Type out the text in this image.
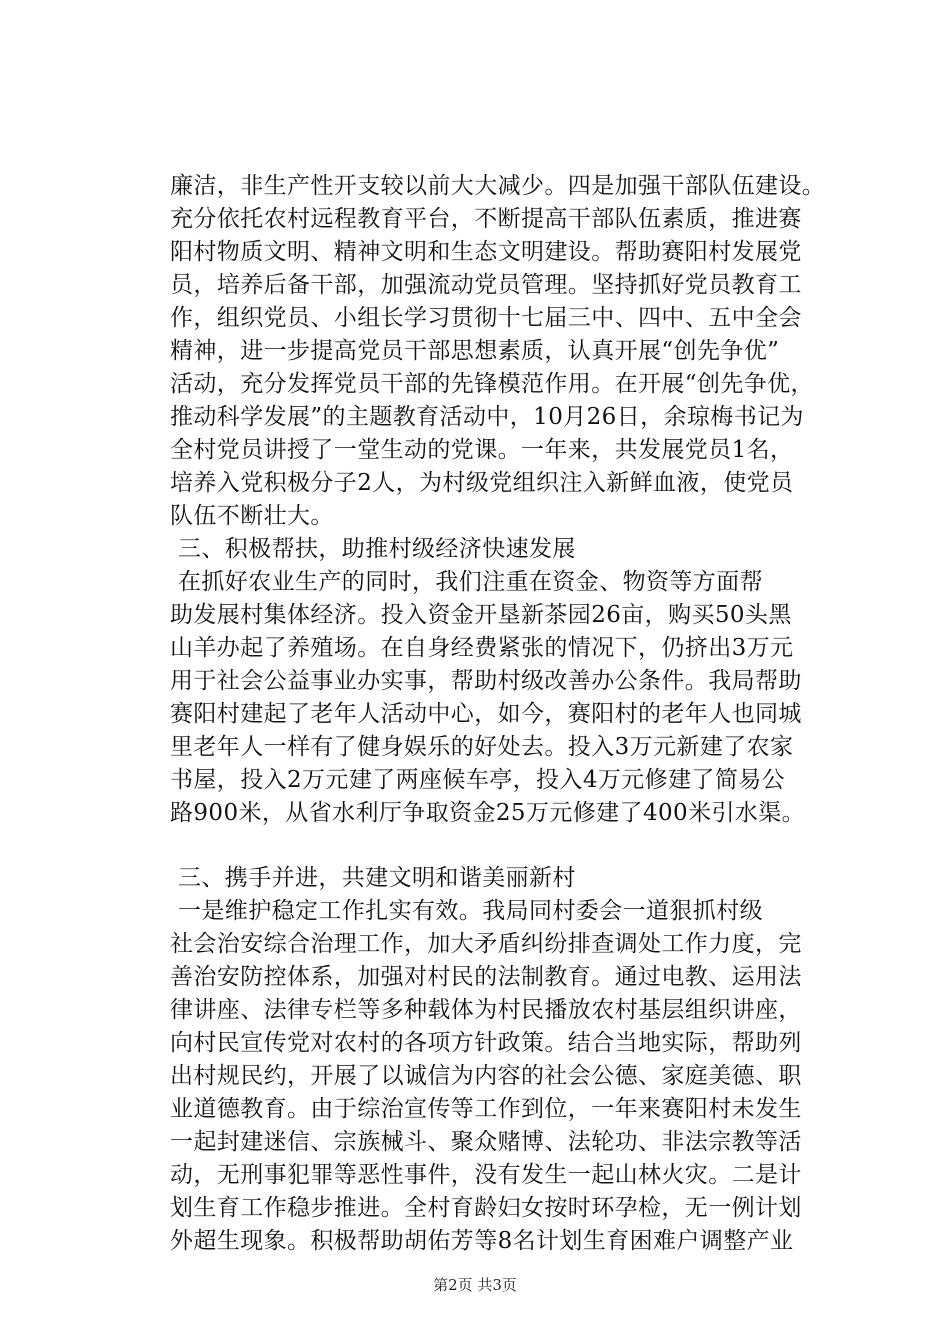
廉洁，非生产性开支较以前大大减少。四是加强干部队伍建设。
充分依托农村远程教育平台，不断提高干部队伍素质，推进赛
阳村物质文明、精神文明和生态文明建设。帮助赛阳村发展党
员，培养后备干部，加强流动党员管理。坚持抓好党员教育工
作，组织党员、小组长学习贯彻十七届三中、四中、五中全会
精神，进一步提高党员干部思想素质，认真开展“创先争优”
活动，充分发挥党员干部的先锋模范作用。在开展“创先争优，
推动科学发展”的主题教育活动中，10月26日，余琼梅书记为
全村党员讲授了一堂生动的党课。一年来，共发展党员1名，
培养入党积极分子2人，为村级党组织注入新鲜血液，使党员
队伍不断壮大。
三、积极帮扶，助推村级经济快速发展
在抓好农业生产的同时，我们注重在资金、物资等方面帮
助发展村集体经济。投入资金开垦新茶园26亩，购买50头黑
山羊办起了养殖场。在自身经费紧张的情况下，仍挤出3万元
用于社会公益事业办实事，帮助村级改善办公条件。我局帮助
赛阳村建起了老年人活动中心，如今，赛阳村的老年人也同城
里老年人一样有了健身娱乐的好处去。投入3万元新建了农家
书屋，投入2万元建了两座候车亭，投入4万元修建了简易公
路900米，从省水利厅争取资金25万元修建了400米引水渠。
三、携手并进，共建文明和谐美丽新村
一是维护稳定工作扎实有效。我局同村委会一道狠抓村级
社会治安综合治理工作，加大矛盾纠纷排查调处工作力度，完
善治安防控体系，加强对村民的法制教育。通过电教、运用法
律讲座、法律专栏等多种载体为村民播放农村基层组织讲座，
向村民宣传党对农村的各项方针政策。结合当地实际，帮助列
出村规民约，开展了以诚信为内容的社会公德、家庭美德、职
业道德教育。由于综治宣传等工作到位，一年来赛阳村未发生
一起封建迷信、宗族械斗、聚众赌博、法轮功、非法宗教等活
动，无刑事犯罪等恶性事件，没有发生一起山林火灾。二是计
划生育工作稳步推进。全村育龄妇女按时环孕检，无一例计划
外超生现象。积极帮助胡佑芳等8名计划生育困难户调整产业
第2页 共3页
